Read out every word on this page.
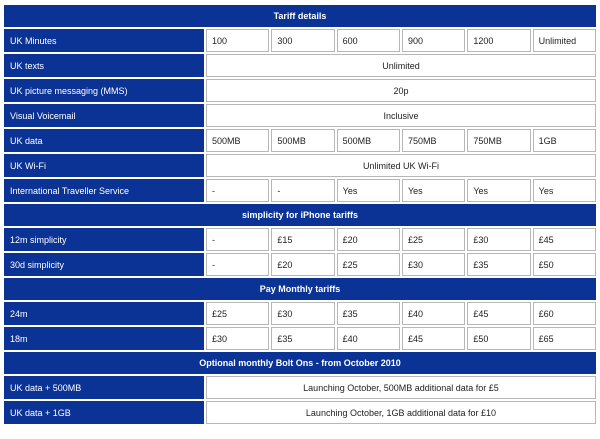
Tariff details						
UK Minutes	100	300	600	900	1200	Unlimited
UK texts	Unlimited					
UK picture messaging (MMS)	20p					
Visual Voicemail	Inclusive					
UK data	500MB	500MB	500MB	750MB	750MB	1GB
UK Wi-Fi	Unlimited UK Wi-Fi					
International Traveller Service	-	-	Yes	Yes	Yes	Yes
simplicity for iPhone tariffs						
12m simplicity	-	£15	£20	£25	£30	£45
30d simplicity	-	£20	£25	£30	£35	£50
Pay Monthly tariffs						
24m	£25	£30	£35	£40	£45	£60
18m	£30	£35	£40	£45	£50	£65
Optional monthly Bolt Ons - from October 2010						
UK data + 500MB	Launching October, 500MB additional data for £5					
UK data + 1GB	Launching October, 1GB additional data for £10					
